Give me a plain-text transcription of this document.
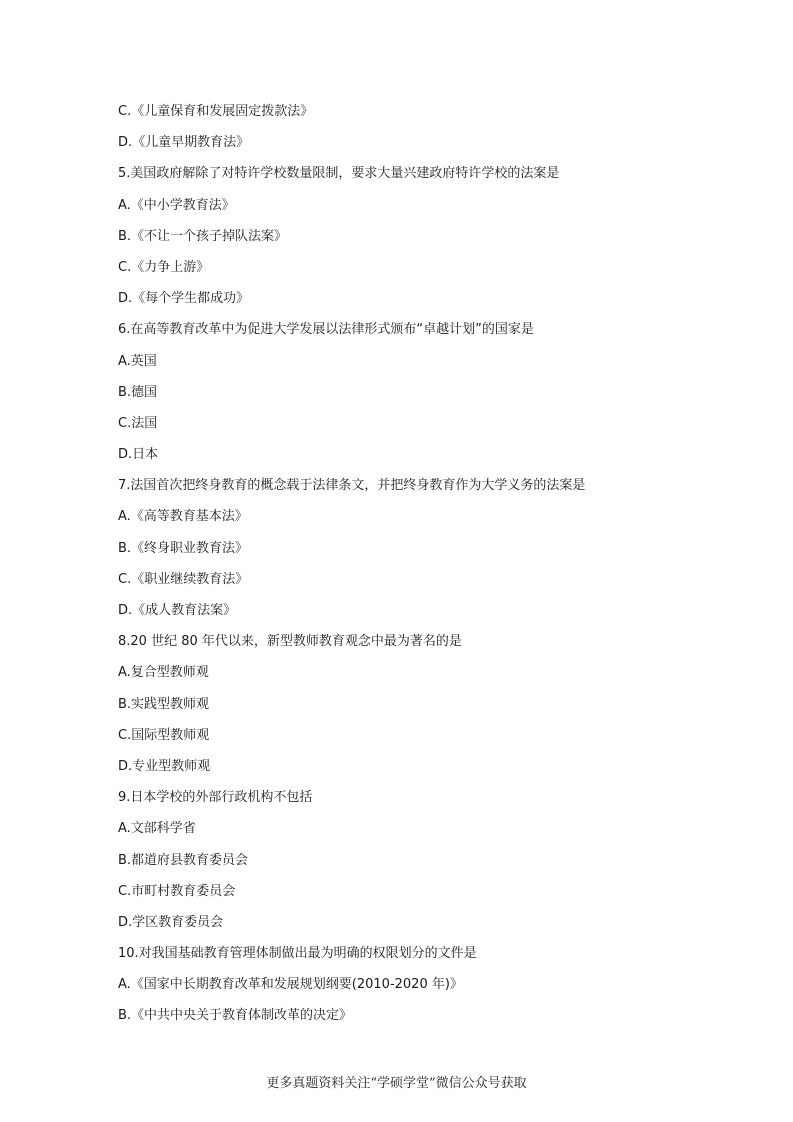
C.《儿童保育和发展固定拨款法》
D.《儿童早期教育法》
5.美国政府解除了对特许学校数量限制，要求大量兴建政府特许学校的法案是
A.《中小学教育法》
B.《不让一个孩子掉队法案》
C.《力争上游》
D.《每个学生都成功》
6.在高等教育改革中为促进大学发展以法律形式颁布“卓越计划”的国家是
A.英国
B.德国
C.法国
D.日本
7.法国首次把终身教育的概念载于法律条文，并把终身教育作为大学义务的法案是
A.《高等教育基本法》
B.《终身职业教育法》
C.《职业继续教育法》
D.《成人教育法案》
8.20 世纪 80 年代以来，新型教师教育观念中最为著名的是
A.复合型教师观
B.实践型教师观
C.国际型教师观
D.专业型教师观
9.日本学校的外部行政机构不包括
A.文部科学省
B.都道府县教育委员会
C.市町村教育委员会
D.学区教育委员会
10.对我国基础教育管理体制做出最为明确的权限划分的文件是
A.《国家中长期教育改革和发展规划纲要(2010-2020 年)》
B.《中共中央关于教育体制改革的决定》
更多真题资料关注“学硕学堂”微信公众号获取
